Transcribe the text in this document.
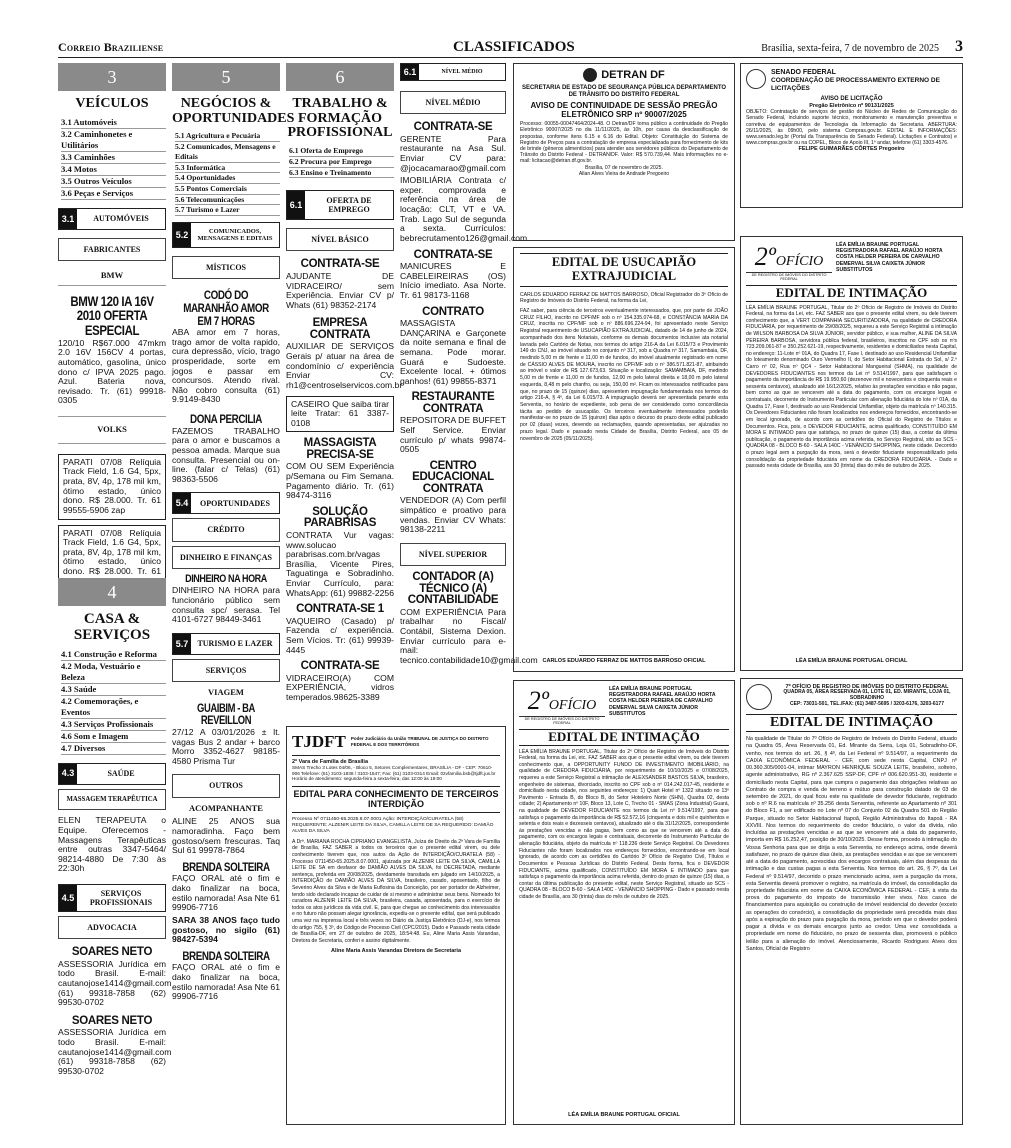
Correio Braziliense	CLASSIFICADOS	Brasília, sexta-feira, 7 de novembro de 2025 3
3
VEÍCULOS
3.1 Automóveis
3.2 Caminhonetes e Utilitários
3.3 Caminhões
3.4 Motos
3.5 Outros Veículos
3.6 Peças e Serviços
3.1	AUTOMÓVEIS
FABRICANTES
BMW
BMW 120 IA 16V 2010 OFERTA ESPECIAL
120/10 R$67.000 47mkm 2.0 16V 156CV 4 portas, automático, gasolina, único dono c/ IPVA 2025 pago. Azul. Bateria nova, revisado. Tr. (61) 99918-0305
VOLKS
PARATI 07/08 Relíquia Track Field, 1.6 G4, 5px, prata, 8V, 4p, 178 mil km, ótimo estado, único dono. R$ 28.000. Tr. 61 99555-5906 zap
PARATI 07/08 Relíquia Track Field, 1.6 G4, 5px, prata, 8V, 4p, 178 mil km, ótimo estado, único dono. R$ 28.000. Tr. 61
4
CASA & SERVIÇOS
4.1 Construção e Reforma
4.2 Moda, Vestuário e Beleza
4.3 Saúde
4.2 Comemorações, e Eventos
4.3 Serviços Profissionais
4.6 Som e Imagem
4.7 Diversos
4.3	SAÚDE
MASSAGEM TERAPÊUTICA
ELEN TERAPEUTA o Equipe. Oferecemos - Massagens Terapêuticas entre outras 3347-5464/ 98214-4880 De 7:30 às 22:30h
4.5	SERVIÇOS PROFISSIONAIS
ADVOCACIA
SOARES NETO
ASSESSORIA Jurídica em todo Brasil. E-mail: cautanojose1414@gmail.com (61) 99318-7858 (62) 99530-0702
SOARES NETO
ASSESSORIA Jurídica em todo Brasil. E-mail: cautanojose1414@gmail.com (61) 99318-7858 (62) 99530-0702
5
NEGÓCIOS & OPORTUNIDADES
5.1 Agricultura e Pecuária
5.2 Comunicados, Mensagens e Editais
5.3 Informática
5.4 Oportunidades
5.5 Pontos Comerciais
5.6 Telecomunicações
5.7 Turismo e Lazer
5.2	COMUNICADOS, MENSAGENS E EDITAIS
MÍSTICOS
CODÓ DO MARANHÃO AMOR EM 7 HORAS
ABA amor em 7 horas, trago amor de volta rapido, cura depressão, vício, trago prosperidade, sorte em jogos e passar em concursos. Atendo rival. Não cobro consulta (61) 9.9149-8430
DONA PERCILIA
FAZEMOS TRABALHO para o amor e buscamos a pessoa amada. Marque sua consulta. Presencial ou on-line. (falar c/ Telas) (61) 98363-5506
5.4	OPORTUNIDADES
CRÉDITO
DINHEIRO E FINANÇAS
DINHEIRO NA HORA
DINHEIRO NA HORA para funcionário público sem consulta spc/ serasa. Tel 4101-6727 98449-3461
5.7	TURISMO E LAZER
SERVIÇOS
VIAGEM
GUAIBIM - BA REVEILLON
27/12 A 03/01/2026 ± lt. vagas Bus 2 andar + barco Morro 3352-4627 98185-4580 Prisma Tur
OUTROS
ACOMPANHANTE
ALINE 25 ANOS sua namoradinha. Faço bem gostoso/sem frescuras. Taq Sul 61 99978-7864
BRENDA SOLTEIRA
FAÇO ORAL até o fim e dako finalizar na boca, estilo namorada! Asa Nte 61 99906-7716
SARA 38 ANOS faço tudo gostoso, no sigilo (61) 98427-5394
BRENDA SOLTEIRA
FAÇO ORAL até o fim e dako finalizar na boca, estilo namorada! Asa Nte 61 99906-7716
6
TRABALHO & FORMAÇÃO PROFISSIONAL
6.1 Oferta de Emprego
6.2 Procura por Emprego
6.3 Ensino e Treinamento
6.1	OFERTA DE EMPREGO
NÍVEL BÁSICO
CONTRATA-SE
AJUDANTE DE VIDRACEIRO/ sem Experiência. Enviar CV p/ Whats (61) 98352-2174
EMPRESA CONTRATA
AUXILIAR DE SERVIÇOS Gerais p/ atuar na área de condomínio c/ experiência Enviar CV: rh1@centroselservicos.com.br
CASEIRO Que saiba tirar leite Tratar: 61 3387-0108
MASSAGISTA PRECISA-SE
COM OU SEM Experiência p/Semana ou Fim Semana. Pagamento diário. Tr. (61) 98474-3116
SOLUÇÃO PARABRISAS
CONTRATA Vur vagas: www.solucao parabrisas.com.br/vagas Brasília, Vicente Pires, Taguatinga e Sobradinho. Enviar Currículo, para: WhatsApp: (61) 99882-2256
CONTRATA-SE 1
VAQUEIRO (Casado) p/ Fazenda c/ experiência. Sem Vícios. Tr: (61) 99939-4445
CONTRATA-SE
VIDRACEIRO(A) COM EXPERIÊNCIA, vidros temperados.98625-3389
6.1	NÍVEL MÉDIO
NÍVEL MÉDIO
CONTRATA-SE
GERENTE Para restaurante na Asa Sul. Enviar CV para: @jocacamarao@gmail.com
IMOBILIÁRIA Contrata c/ exper. comprovada e referência na área de locação: CLT, VT e VA. Trab. Lago Sul de segunda a sexta. Currículos: bebrecrutamento126@gmail.com
CONTRATA-SE
MANICURES E CABELEIREIRAS (OS) Início imediato. Asa Norte. Tr. 61 98173-1168
CONTRATO
MASSAGISTA DANÇARINA e Garçonete da noite semana e final de semana. Pode morar. Guará e Sudoeste. Excelente local. + ótimos ganhos! (61) 99855-8371
RESTAURANTE CONTRATA
REPOSITORA DE BUFFET Self Service. Enviar currículo p/ whats 99874-0505
CENTRO EDUCACIONAL CONTRATA
VENDEDOR (A) Com perfil simpático e proativo para vendas. Enviar CV Whats: 98138-2211
NÍVEL SUPERIOR
CONTADOR (A) TÉCNICO (A) CONTABILIDADE
COM EXPERIÊNCIA Para trabalhar no Fiscal/ Contábil, Sistema Dexion. Enviar currículo para e-mail: tecnico.contabilidade10@gmail.com
DETRAN DF
SECRETARIA DE ESTADO DE SEGURANÇA PÚBLICA DEPARTAMENTO DE TRÂNSITO DO DISTRITO FEDERAL
AVISO DE CONTINUIDADE DE SESSÃO PREGÃO ELETRÔNICO SRP nº 90007/2025
Processo: 00055-00047464/2024-48. O Detran/DF torna público a continuidade do Pregão Eletrônico 90007/2025 no dia 11/11/2025, às 10h, por causa da desclassificação de propostas, conforme itens 6.15 e 6.16 do Edital. Objeto: Constituição do Sistema de Registro de Preços para a contratação de empresa especializada para fornecimento de kits de brinde (gêneros alimentícios) para atender aos servidores públicos do Departamento de Trânsito do Distrito Federal - DETRAN/DF. Valor: R$ 570.739,44. Mais informações no e-mail: licitacao@detran.df.gov.br.
Brasília, 07 de novembro de 2025.
Allan Alves Vieira de Andrade Pregoeiro
SENADO FEDERAL
COORDENAÇÃO DE PROCESSAMENTO EXTERNO DE LICITAÇÕES
AVISO DE LICITAÇÃO
Pregão Eletrônico nº 90131/2025
OBJETO: Contratação de serviços de gestão do Núcleo de Redes de Comunicação do Senado Federal, incluindo suporte técnico, monitoramento e manutenção preventiva e corretiva de equipamentos de Tecnologia da Informação da Secretaria. ABERTURA: 26/11/2025, às 09h00, pelo sistema Compras.gov.br. EDITAL E INFORMAÇÕES: www.senado.leg.br (Portal da Transparência do Senado Federal). Licitações e Contratos) e www.compras.gov.br ou na COPEL, Bloco de Apoio III, 1º andar, telefone (61) 3303-4576.
FELIPE GUIMARÃES CÔRTES Pregoeiro
EDITAL DE USUCAPIÃO EXTRAJUDICIAL
CARLOS EDUARDO FERRAZ DE MATTOS BARROSO, Oficial Registrador do 3º Ofício de Registro de Imóveis do Distrito Federal, na forma da Lei,
FAZ saber, para ciência de terceiros eventualmente interessados, que, por parte de JOÃO CRUZ FILHO, inscrito no CPF/MF sob o nº 154.335.074-68, e CONSTÂNCIA MARIA DA CRUZ, inscrita no CPF/MF sob o nº 886.696.224-94, foi apresentado neste Serviço Registral requerimento de USUCAPIÃO EXTRAJUDICIAL, datado de 14 de junho de 2024, acompanhado dos itens Notariais, conforme os demais documentos inclusive ata notarial lavrada pelo Cartório de Notas, nos termos do artigo 216-A da Lei 6.015/73 e Provimento 149 do CNJ, ao imóvel situado no conjunto nº 317, sob a Quadra nº 317, Samambaia, DF, medindo 5,00 m de frente e 11,00 m de fundos, do imóvel atualmente registrado em nome de CÁSSIO ALVES DE MOURA, inscrito no CPF/MF sob o nº 386.571.821-87, atribuindo ao imóvel o valor de R$ 127.673,63. Situação e localização: SAMAMBAIA, DF, medindo 5,00 m de frente e 11,00 m de fundos, 12,00 m pelo lateral direita e 18,00 m pelo lateral esquerda, 8,48 m pelo chanfro, ou seja, 150,00 m². Ficam os interessados notificados para que, no prazo de 15 (quinze) dias, apresentem impugnação fundamentada nos termos do artigo 216-A, § 4º, da Lei 6.015/73. A impugnação deverá ser apresentada perante esta Serventia, no horário de expediente, sob pena de ser considerado como concordância tácita ao pedido de usucapião. Os terceiros eventualmente interessados poderão manifestar-se no prazo de 15 (quinze) dias após o decurso do prazo deste edital publicado por 02 (duas) vezes, devendo as reclamações, quando apresentadas, ser ajuizadas no prazo legal. Dado e passado nesta Cidade de Brasília, Distrito Federal, aos 05 de novembro de 2025 (05/11/2025).
CARLOS EDUARDO FERRAZ DE MATTOS BARROSO OFICIAL
2ºOFÍCIO
DE REGISTRO DE IMÓVEIS DO DISTRITO FEDERAL
LÉA EMÍLIA BRAUNE PORTUGAL REGISTRADORA RAFAEL ARAÚJO HORTA COSTA HELDER PEREIRA DE CARVALHO DEMERVAL SILVA CAIXETA JÚNIOR SUBSTITUTOS
EDITAL DE INTIMAÇÃO
LÉA EMÍLIA BRAUNE PORTUGAL, Titular do 2º Ofício de Registro de Imóveis do Distrito Federal, na forma da Lei, etc. FAZ SABER aos que o presente edital virem, ou dele tiverem conhecimento que, a VERT COMPANHIA SECURITIZADORA, na qualidade de CREDORA FIDUCIÁRIA, por requerimento de 29/08/2025, requereu a este Serviço Registral a intimação de WILSON BARBOSA DA SILVA JÚNIOR, servidor público, e sua mulher, ALINE DA SILVA PEREIRA BARBOSA, servidora pública federal, brasileiros, inscritos no CPF sob os nºs 723.209.061-87 e 350.252.621-19, respectivamente, residentes e domiciliados nesta Capital, no endereço: 11-Lote nº 01A, do Quadra 17, Fase I, destinado ao uso Residencial Unifamiliar do loteamento denominado Ouro Vermelho II, do Setor Habitacional Estrada do Sol, s/ 2.º Carro nº 02, Rua nº QC4 - Setor Habitacional Mangueiral (SHMA), na qualidade de DEVEDORES FIDUCIANTES nos termos da Lei nº 9.514/1997, para que satisfaçam o pagamento da importância de R$ 19.950,60 (dezenove mil e novecentos e cinquenta reais e sessenta centavos), atualizado até 16/12/2025, relativo às prestações vencidas e não pagas, bem como as que se vencerem até a data do pagamento, com os encargos legais e contratuais, decorrente do Instrumento Particular com alienação fiduciária do lote nº 01A, da Quadra 17, Fase I, destinado ao uso Residencial Unifamiliar, objeto da matrícula nº 140.315. Os Devedores Fiduciantes não foram localizados nos endereços fornecidos, encontrando-se em local ignorado, de acordo com as certidões do Oficial do Registro de Títulos e Documentos. Fica, pois, o DEVEDOR FIDUCIANTE, acima qualificado, CONSTITUÍDO EM MORA E INTIMADO para que satisfaça, no prazo de quinze (15) dias, a contar da última publicação, o pagamento da importância acima referida, no Serviço Registral, sito ao SCS - QUADRA 08 - BLOCO B-60 - SALA 140C - VENÂNCIO SHOPPING, neste cidade. Decorrido o prazo legal sem a purgação da mora, será o devedor fiduciante responsabilizado pela consolidação da propriedade fiduciária em nome da CREDORA FIDUCIÁRIA. - Dado e passado nesta cidade de Brasília, aos 30 (trinta) dias do mês de outubro de 2025.
LÉA EMÍLIA BRAUNE PORTUGAL OFICIAL
2ºOFÍCIO
DE REGISTRO DE IMÓVEIS DO DISTRITO FEDERAL
LÉA EMÍLIA BRAUNE PORTUGAL REGISTRADORA RAFAEL ARAÚJO HORTA COSTA HELDER PEREIRA DE CARVALHO DEMERVAL SILVA CAIXETA JÚNIOR SUBSTITUTOS
EDITAL DE INTIMAÇÃO
LÉA EMÍLIA BRAUNE PORTUGAL, Titular do 2º Ofício de Registro de Imóveis do Distrito Federal, na forma da Lei, etc. FAZ SABER aos que o presente edital virem, ou dele tiverem conhecimento que, a OPPORTUNITY FUNDO DE INVESTIMENTO IMOBILIÁRIO, na qualidade de CREDORA FIDUCIÁRIA, por requerimento de 10/10/2025 e 07/08/2025, requereu a este Serviço Registral a intimação de ALEXSANDER BASTOS SILVA, brasileiro, engenheiro de sistemas, divorciado, inscrito no CPF sob o nº 014.242.017-45, residente e domiciliado nesta cidade, nos seguintes endereços: 1) Quart Hotel nº 1322 situado no 13º Pavimento - Entrada B, do Bloco B, do Setor Hoteleiro Norte (SHN), Quadra 02, desta cidade; 2) Apartamento nº 10F, Bloco 13, Lote C, Trecho 01 - SMAS (Zona Industrial) Guará, na qualidade de DEVEDOR FIDUCIANTE nos termos da Lei nº 9.514/1997, para que satisfaça o pagamento da importância de R$ 52.572,16 (cinquenta e dois mil e quinhentos e setenta e dois reais e dezesseis centavos), atualizado até o dia 31/12/2025, correspondente às prestações vencidas e não pagas, bem como as que se vencerem até a data do pagamento, com os encargos legais e contratuais, decorrente do Instrumento Particular de alienação fiduciária, objeto da matrícula nº 118.236 deste Serviço Registral. Os Devedores Fiduciantes não foram localizados nos endereços fornecidos, encontrando-se em local ignorado, de acordo com as certidões do Cartório 3º Ofício de Registro Civil, Títulos e Documentos e Pessoas Jurídicas do Distrito Federal. Desta forma, fica o DEVEDOR FIDUCIANTE, acima qualificado, CONSTITUÍDO EM MORA E INTIMADO para que satisfaça o pagamento da importância acima referida, dentro do prazo de quinze (15) dias, a contar da última publicação do presente edital, neste Serviço Registral, situado ao SCS - QUADRA 08 - BLOCO B-60 - SALA 140C - VENÂNCIO SHOPPING - Dado e passado nesta cidade de Brasília, aos 30 (trinta) dias do mês de outubro de 2025.
LÉA EMÍLIA BRAUNE PORTUGAL OFICIAL
7º OFÍCIO DE REGISTRO DE IMÓVEIS DO DISTRITO FEDERAL
QUADRA 05, ÁREA RESERVADA 01, LOTE 01, ED. MIRANTE, LOJA 01, SOBRADINHO
CEP: 73031-501, TEL./FAX: (61) 3487-5695 / 3203-6176, 3203-6177
EDITAL DE INTIMAÇÃO
Na qualidade de Titular do 7º Ofício de Registro de Imóveis do Distrito Federal, situado na Quadra 05, Área Reservada 01, Ed. Mirante da Serra, Loja 01, Sobradinho-DF, venho, nos termos do art. 26, § 4º, da Lei Federal nº 9.514/97, a requerimento da CAIXA ECONÔMICA FEDERAL - CEF, com sede nesta Capital, CNPJ nº 00.360.305/0001-04, intimar MAYRON HENRIQUE SOUZA LEITE, brasileiro, solteiro, agente administrativo, RG nº 2.367.625 SSP-DF, CPF nº 006.620.951-30, residente e domiciliado nesta Capital, para que cumpra o pagamento das obrigações relativas ao Contrato de compra e venda de terreno e mútuo para construção datado de 03 de setembro de 2021, do qual ficou este na qualidade de devedor fiduciante, registrado sob o nº R.6 na matrícula nº 35.256 desta Serventia, referente ao Apartamento nº 301 do Bloco F1, a ser edificado no Lote nº 07 do Conjunto 02 da Quadra 501 do Região Parque, situado no Setor Habitacional Itapoã, Região Administrativa do Itapoã - RA XXVIII. Nos termos do requerimento do credor fiduciário, o valor da dívida, não incluídas as prestações vencidas e as que se vencerem até a data do pagamento, importa em R$ 16.252,47, posição de 30/10/2025. Desse forma, procedo à intimação do Vossa Senhoria para que se dirija a esta Serventia, no endereço acima, onde deverá satisfazer, no prazo de quinze dias úteis, as prestações vencidas e as que se vencerem até a data do pagamento, acrescidas dos encargos contratuais, além das despesas da intimação e das custas pagas a esta Serventia. Nos termos do art. 26, § 7º, da Lei Federal nº 9.514/97, decorrido o prazo mencionado acima, sem a purgação da mora, esta Serventia deverá promover o registro, na matrícula do imóvel, da consolidação da propriedade fiduciária em nome da CAIXA ECONÔMICA FEDERAL - CEF, à vista da prova do pagamento do imposto de transmissão inter vivos. Nos casos de financiamentos para aquisição ou construção de imóvel residencial do devedor (exceto as operações do consórcio), a consolidação da propriedade será precedida mais dias após a expiração do prazo para purgação da mora, período em que o devedor poderá pagar a dívida e os demais encargos junto ao credor. Uma vez consolidada a propriedade em nome do fiduciário, no prazo de sessenta dias, promoverá o público leilão para a alienação do imóvel. Atenciosamente, Ricardo Rodrigues Alves dos Santos, Oficial de Registro
TJDFT Poder Judiciário da União TRIBUNAL DE JUSTIÇA DO DISTRITO FEDERAL E DOS TERRITÓRIOS
2ª Vara de Família de Brasília
SMAS Trecho 3 Lotes 04/06, - Bloco 5, Setores Complementares, BRASÍLIA - DF - CEP: 70610-906 Telefone: (61) 3103-1838 / 3103-1547; Fax: (61) 3103-0314 Email: 02vfamilia.bsb@tjdft.jus.br Horário de atendimento: segunda-feira a sexta-feira, das 12:00 às 19:00
EDITAL PARA CONHECIMENTO DE TERCEIROS INTERDIÇÃO
Processo Nº 0711450-65.2025.8.07.0001 Ação: INTERDIÇÃO/CURATELA (58) REQUERENTE: ALZENIR LEITE DA SILVA, CAMILLA LEITE DE SA REQUERIDO: DAMIÃO ALVES DA SILVA
A Drª. MARIANA ROCHA CIPRIANO EVANGELISTA, Juíza de Direito da 2ª Vara de Família de Brasília, FAZ SABER a todos os terceiros que o presente edital virem, ou dele conhecimento tiverem que, nos autos da Ação de INTERDIÇÃO/CURATELA (58) - Processo 0711450-65.2025.8.07.0001, ajuizada por ALZENIR LEITE DA SILVA, CAMILLA LEITE DE SA em desfavor de DAMIÃO ALVES DA SILVA, foi DECRETADA, mediante sentença, proferida em 20/08/2025, devidamente transitada em julgado em 14/10/2025, a INTERDIÇÃO de DAMIÃO ALVES DA SILVA, brasileiro, casado, aposentado, filho de Severino Alves da Silva e de Maria Euflosina da Conceição, por ser portador de Alzheimer, tendo sido declarado incapaz de cuidar de si mesmo e administrar seus bens. Nomeado foi curadora ALZENIR LEITE DA SILVA, brasileira, casada, aposentada, para o exercício de todos os atos jurídicos da vida civil. E, para que chegue ao conhecimento dos interessados e no futuro não possam alegar ignorância, expediu-se o presente edital, que será publicado uma vez na imprensa local e três vezes no Diário da Justiça Eletrônico (DJ-e), nos termos do artigo 755, § 3º, do Código de Processo Civil (CPC/2015). Dado e Passado nesta cidade de Brasília-DF, em 27 de outubro de 2025, 18:54:48. Eu, Aline Maria Assis Varandas, Diretora de Secretaria, conferi e assino digitalmente.
Aline Maria Assis Varandas Diretora de Secretaria
